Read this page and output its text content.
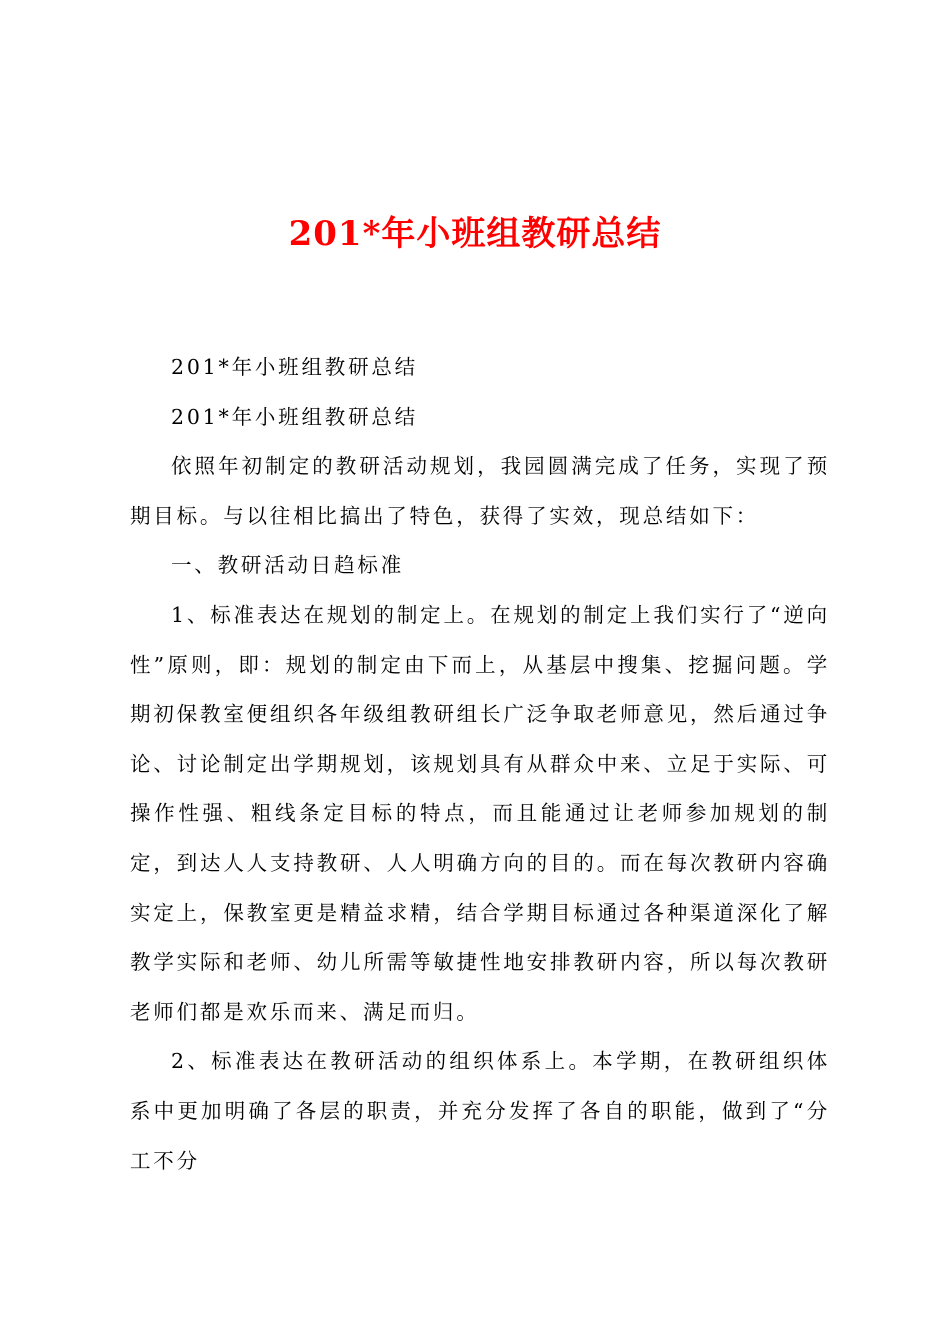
201*年小班组教研总结

201*年小班组教研总结

201*年小班组教研总结

依照年初制定的教研活动规划，我园圆满完成了任务，实现了预期目标。与以往相比搞出了特色，获得了实效，现总结如下：

一、教研活动日趋标准

1、标准表达在规划的制定上。在规划的制定上我们实行了“逆向性”原则，即：规划的制定由下而上，从基层中搜集、挖掘问题。学期初保教室便组织各年级组教研组长广泛争取老师意见，然后通过争论、讨论制定出学期规划，该规划具有从群众中来、立足于实际、可操作性强、粗线条定目标的特点，而且能通过让老师参加规划的制定，到达人人支持教研、人人明确方向的目的。而在每次教研内容确实定上，保教室更是精益求精，结合学期目标通过各种渠道深化了解教学实际和老师、幼儿所需等敏捷性地安排教研内容，所以每次教研老师们都是欢乐而来、满足而归。

2、标准表达在教研活动的组织体系上。本学期，在教研组织体系中更加明确了各层的职责，并充分发挥了各自的职能，做到了“分工不分
